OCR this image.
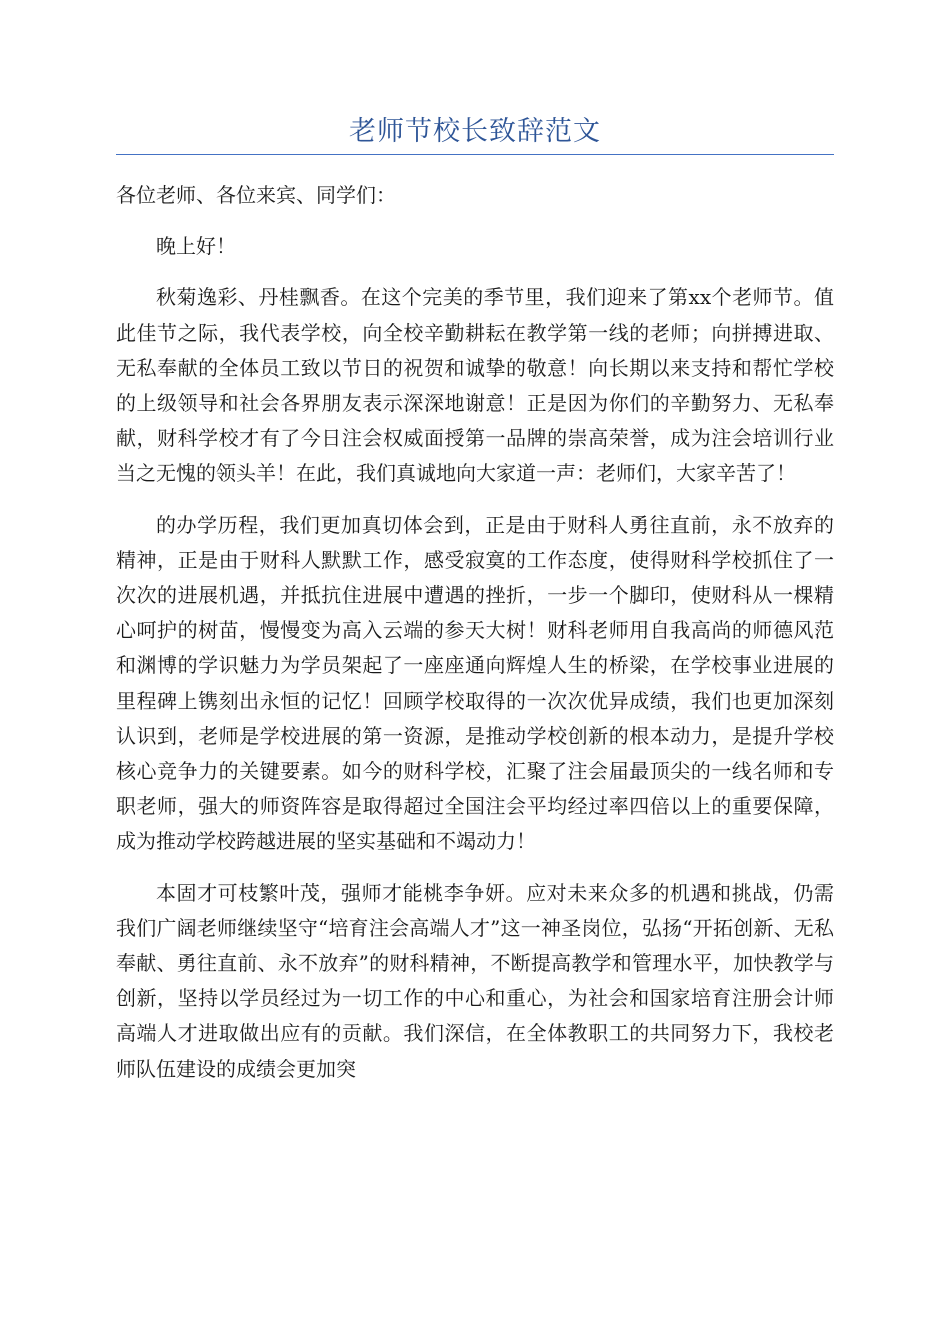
老师节校长致辞范文

各位老师、各位来宾、同学们：

晚上好！

秋菊逸彩、丹桂飘香。在这个完美的季节里，我们迎来了第xx个老师节。值此佳节之际，我代表学校，向全校辛勤耕耘在教学第一线的老师；向拼搏进取、无私奉献的全体员工致以节日的祝贺和诚挚的敬意！向长期以来支持和帮忙学校的上级领导和社会各界朋友表示深深地谢意！正是因为你们的辛勤努力、无私奉献，财科学校才有了今日注会权威面授第一品牌的崇高荣誉，成为注会培训行业当之无愧的领头羊！在此，我们真诚地向大家道一声：老师们，大家辛苦了！

的办学历程，我们更加真切体会到，正是由于财科人勇往直前，永不放弃的精神，正是由于财科人默默工作，感受寂寞的工作态度，使得财科学校抓住了一次次的进展机遇，并抵抗住进展中遭遇的挫折，一步一个脚印，使财科从一棵精心呵护的树苗，慢慢变为高入云端的参天大树！财科老师用自我高尚的师德风范和渊博的学识魅力为学员架起了一座座通向辉煌人生的桥梁，在学校事业进展的里程碑上镌刻出永恒的记忆！回顾学校取得的一次次优异成绩，我们也更加深刻认识到，老师是学校进展的第一资源，是推动学校创新的根本动力，是提升学校核心竞争力的关键要素。如今的财科学校，汇聚了注会届最顶尖的一线名师和专职老师，强大的师资阵容是取得超过全国注会平均经过率四倍以上的重要保障，成为推动学校跨越进展的坚实基础和不竭动力！

本固才可枝繁叶茂，强师才能桃李争妍。应对未来众多的机遇和挑战，仍需我们广阔老师继续坚守“培育注会高端人才”这一神圣岗位，弘扬“开拓创新、无私奉献、勇往直前、永不放弃”的财科精神，不断提高教学和管理水平，加快教学与创新，坚持以学员经过为一切工作的中心和重心，为社会和国家培育注册会计师高端人才进取做出应有的贡献。我们深信，在全体教职工的共同努力下，我校老师队伍建设的成绩会更加突
